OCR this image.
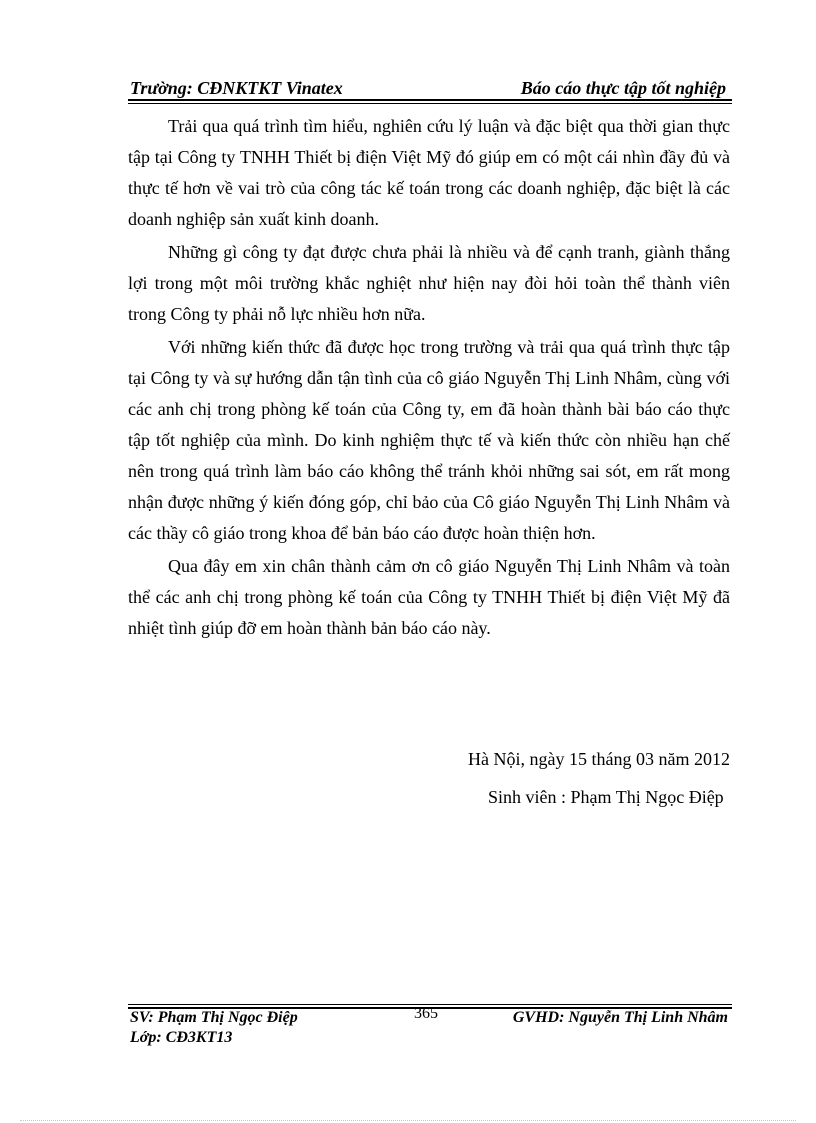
Trường: CĐNKTKT Vinatex	Báo cáo thực tập tốt nghiệp

Trải qua quá trình tìm hiểu, nghiên cứu lý luận và đặc biệt qua thời gian thực tập tại Công ty TNHH Thiết bị điện Việt Mỹ đó giúp em có một cái nhìn đầy đủ và thực tế hơn về vai trò của công tác kế toán trong các doanh nghiệp, đặc biệt là các doanh nghiệp sản xuất kinh doanh.

Những gì công ty đạt được chưa phải là nhiều và để cạnh tranh, giành thắng lợi trong một môi trường khắc nghiệt như hiện nay đòi hỏi toàn thể thành viên trong Công ty phải nỗ lực nhiều hơn nữa.

Với những kiến thức đã được học trong trường và trải qua quá trình thực tập tại Công ty và sự hướng dẫn tận tình của cô giáo Nguyễn Thị Linh Nhâm, cùng với các anh chị trong phòng kế toán của Công ty, em đã hoàn thành bài báo cáo thực tập tốt nghiệp của mình. Do kinh nghiệm thực tế và kiến thức còn nhiều hạn chế nên trong quá trình làm báo cáo không thể tránh khỏi những sai sót, em rất mong nhận được những ý kiến đóng góp, chỉ bảo của Cô giáo Nguyễn Thị Linh Nhâm và các thầy cô giáo trong khoa để bản báo cáo được hoàn thiện hơn.

Qua đây em xin chân thành cảm ơn cô giáo Nguyễn Thị Linh Nhâm và toàn thể các anh chị trong phòng kế toán của Công ty TNHH Thiết bị điện Việt Mỹ đã nhiệt tình giúp đỡ em hoàn thành bản báo cáo này.

Hà Nội, ngày 15 tháng 03 năm 2012
Sinh viên : Phạm Thị Ngọc Điệp
SV: Phạm Thị Ngọc Điệp
Lớp: CĐ3KT13
365	GVHD: Nguyễn Thị Linh Nhâm
